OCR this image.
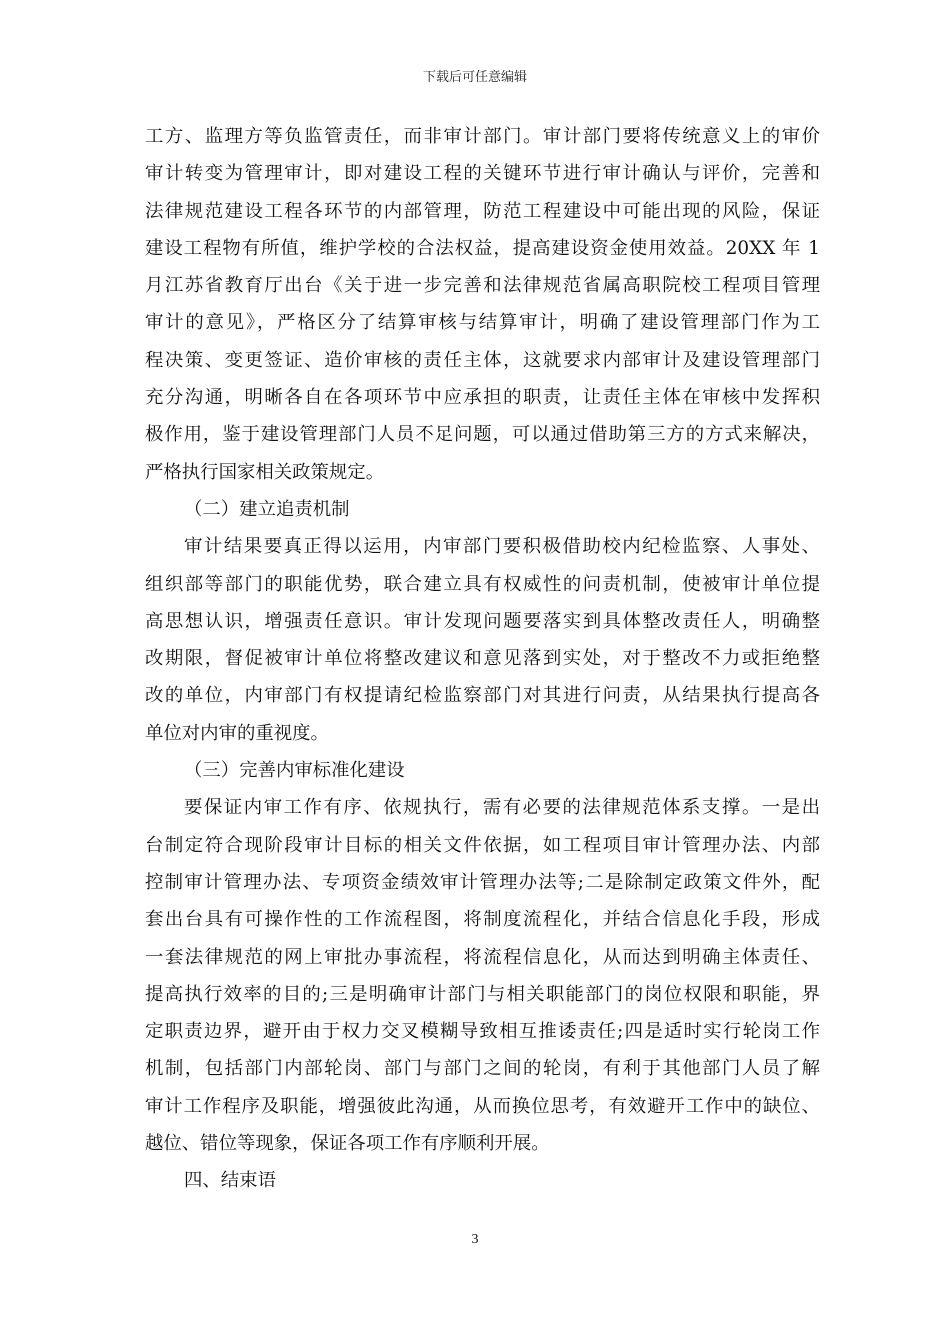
下载后可任意编辑
工方、监理方等负监管责任，而非审计部门。审计部门要将传统意义上的审价
审计转变为管理审计，即对建设工程的关键环节进行审计确认与评价，完善和
法律规范建设工程各环节的内部管理，防范工程建设中可能出现的风险，保证
建设工程物有所值，维护学校的合法权益，提高建设资金使用效益。20XX 年 1
月江苏省教育厅出台《关于进一步完善和法律规范省属高职院校工程项目管理
审计的意见》，严格区分了结算审核与结算审计，明确了建设管理部门作为工
程决策、变更签证、造价审核的责任主体，这就要求内部审计及建设管理部门
充分沟通，明晰各自在各项环节中应承担的职责，让责任主体在审核中发挥积
极作用，鉴于建设管理部门人员不足问题，可以通过借助第三方的方式来解决，
严格执行国家相关政策规定。
（二）建立追责机制
审计结果要真正得以运用，内审部门要积极借助校内纪检监察、人事处、
组织部等部门的职能优势，联合建立具有权威性的问责机制，使被审计单位提
高思想认识，增强责任意识。审计发现问题要落实到具体整改责任人，明确整
改期限，督促被审计单位将整改建议和意见落到实处，对于整改不力或拒绝整
改的单位，内审部门有权提请纪检监察部门对其进行问责，从结果执行提高各
单位对内审的重视度。
（三）完善内审标准化建设
要保证内审工作有序、依规执行，需有必要的法律规范体系支撑。一是出
台制定符合现阶段审计目标的相关文件依据，如工程项目审计管理办法、内部
控制审计管理办法、专项资金绩效审计管理办法等;二是除制定政策文件外，配
套出台具有可操作性的工作流程图，将制度流程化，并结合信息化手段，形成
一套法律规范的网上审批办事流程，将流程信息化，从而达到明确主体责任、
提高执行效率的目的;三是明确审计部门与相关职能部门的岗位权限和职能，界
定职责边界，避开由于权力交叉模糊导致相互推诿责任;四是适时实行轮岗工作
机制，包括部门内部轮岗、部门与部门之间的轮岗，有利于其他部门人员了解
审计工作程序及职能，增强彼此沟通，从而换位思考，有效避开工作中的缺位、
越位、错位等现象，保证各项工作有序顺利开展。
四、结束语
3
